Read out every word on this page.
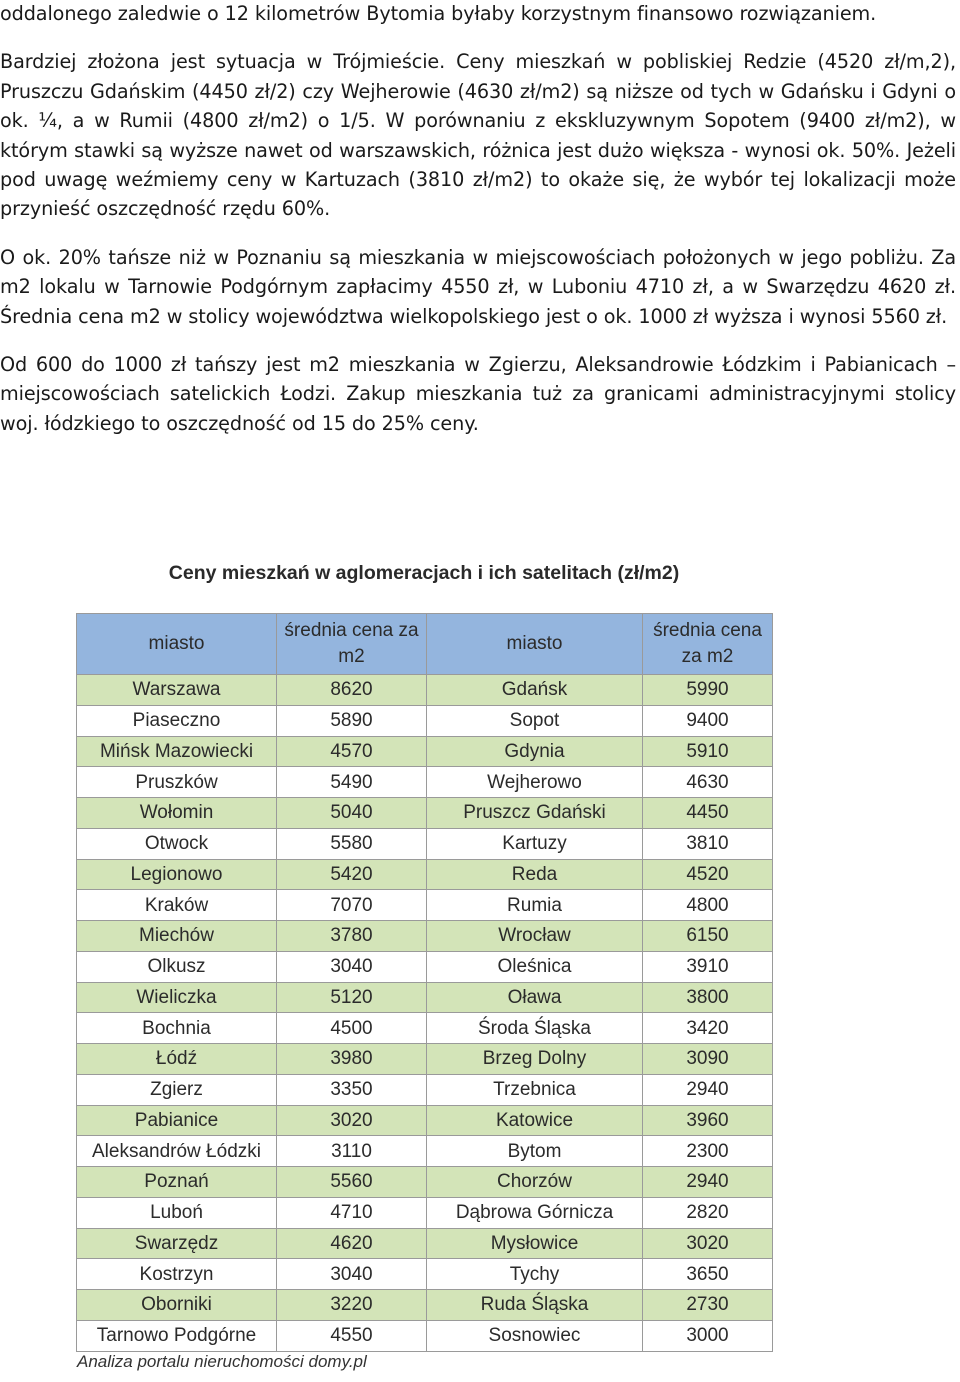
oddalonego zaledwie o 12 kilometrów Bytomia byłaby korzystnym finansowo rozwiązaniem.

Bardziej złożona jest sytuacja w Trójmieście. Ceny mieszkań w pobliskiej Redzie (4520 zł/m,2), Pruszczu Gdańskim (4450 zł/2) czy Wejherowie (4630 zł/m2) są niższe od tych w Gdańsku i Gdyni o ok. ¼, a w Rumii (4800 zł/m2) o 1/5. W porównaniu z ekskluzywnym Sopotem (9400 zł/m2), w którym stawki są wyższe nawet od warszawskich, różnica jest dużo większa - wynosi ok. 50%. Jeżeli pod uwagę weźmiemy ceny w Kartuzach (3810 zł/m2) to okaże się, że wybór tej lokalizacji może przynieść oszczędność rzędu 60%.

O ok. 20% tańsze niż w Poznaniu są mieszkania w miejscowościach położonych w jego pobliżu. Za m2 lokalu w Tarnowie Podgórnym zapłacimy 4550 zł, w Luboniu 4710 zł, a w Swarzędzu 4620 zł. Średnia cena m2 w stolicy województwa wielkopolskiego jest o ok. 1000 zł wyższa i wynosi 5560 zł.

Od 600 do 1000 zł tańszy jest m2 mieszkania w Zgierzu, Aleksandrowie Łódzkim i Pabianicach – miejscowościach satelickich Łodzi. Zakup mieszkania tuż za granicami administracyjnymi stolicy woj. łódzkiego to oszczędność od 15 do 25% ceny.

Ceny mieszkań w aglomeracjach i ich satelitach (zł/m2)
miasto	średnia cena za m2	miasto	średnia cena za m2
Warszawa	8620	Gdańsk	5990
Piaseczno	5890	Sopot	9400
Mińsk Mazowiecki	4570	Gdynia	5910
Pruszków	5490	Wejherowo	4630
Wołomin	5040	Pruszcz Gdański	4450
Otwock	5580	Kartuzy	3810
Legionowo	5420	Reda	4520
Kraków	7070	Rumia	4800
Miechów	3780	Wrocław	6150
Olkusz	3040	Oleśnica	3910
Wieliczka	5120	Oława	3800
Bochnia	4500	Środa Śląska	3420
Łódź	3980	Brzeg Dolny	3090
Zgierz	3350	Trzebnica	2940
Pabianice	3020	Katowice	3960
Aleksandrów Łódzki	3110	Bytom	2300
Poznań	5560	Chorzów	2940
Luboń	4710	Dąbrowa Górnicza	2820
Swarzędz	4620	Mysłowice	3020
Kostrzyn	3040	Tychy	3650
Oborniki	3220	Ruda Śląska	2730
Tarnowo Podgórne	4550	Sosnowiec	3000
Analiza portalu nieruchomości domy.pl
